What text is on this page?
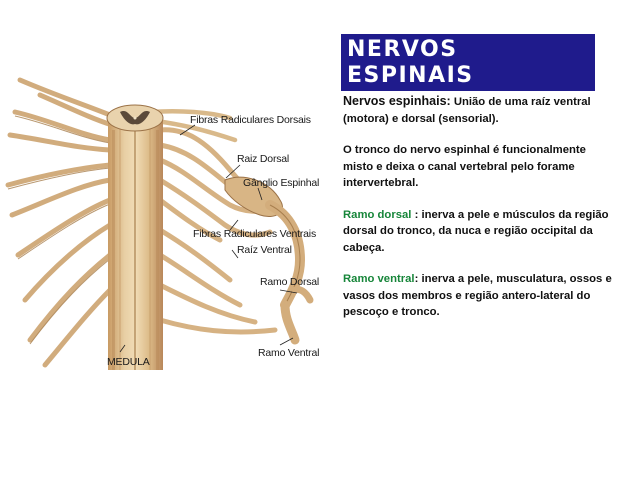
Fibras Radiculares Dorsais
Raiz Dorsal
Gânglio Espinhal
Fibras Radiculares Ventrais
Raíz Ventral
Ramo Dorsal
Ramo Ventral
MEDULA
NERVOS
ESPINAIS

Nervos espinhais: União de uma raíz ventral (motora) e dorsal (sensorial).

O tronco do nervo espinhal é funcionalmente misto e deixa o canal vertebral pelo forame intervertebral.

Ramo dorsal : inerva a pele e músculos da região dorsal do tronco, da nuca e região occipital da cabeça.

Ramo ventral: inerva a pele, musculatura, ossos e vasos dos membros e região antero-lateral do pescoço e tronco.
